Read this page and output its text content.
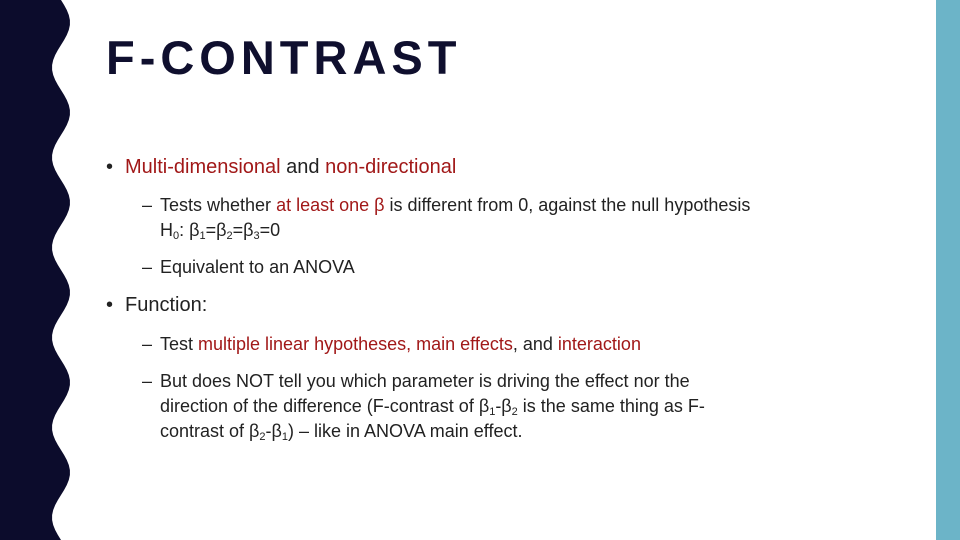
F-CONTRAST
• Multi-dimensional and non-directional
– Tests whether at least one β is different from 0, against the null hypothesis
$H_0$: $\beta_1=\beta_2=\beta_3=0$
– Equivalent to an ANOVA
• Function:
– Test multiple linear hypotheses, main effects, and interaction
– But does NOT tell you which parameter is driving the effect nor the
direction of the difference (F-contrast of $\beta_1-\beta_2$ is the same thing as F-
contrast of $\beta_2-\beta_1$) – like in ANOVA main effect.
